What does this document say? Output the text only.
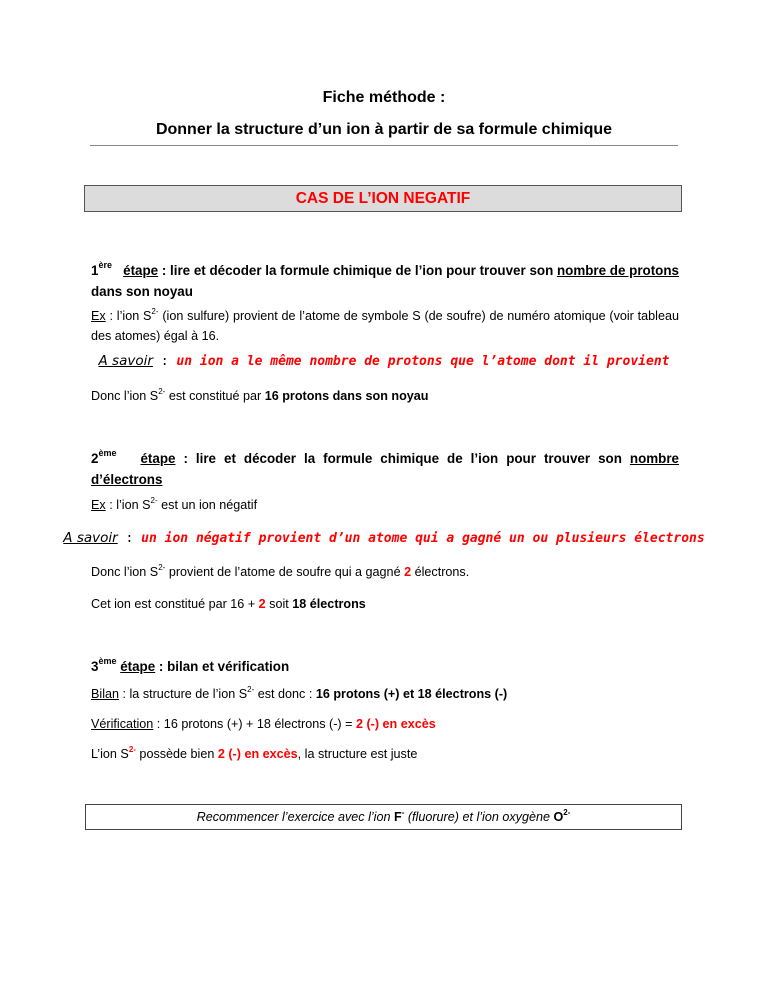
Fiche méthode :
Donner la structure d’un ion à partir de sa formule chimique
CAS DE L’ION NEGATIF
1ère étape : lire et décoder la formule chimique de l’ion pour trouver son nombre de protons dans son noyau
Ex : l’ion $S^{2-}$ (ion sulfure) provient de l’atome de symbole S (de soufre) de numéro atomique (voir tableau des atomes) égal à 16.
A savoir : un ion a le même nombre de protons que l’atome dont il provient
Donc l’ion $S^{2-}$ est constitué par 16 protons dans son noyau
2ème étape : lire et décoder la formule chimique de l’ion pour trouver son nombre d’électrons
Ex : l’ion $S^{2-}$ est un ion négatif
A savoir : un ion négatif provient d’un atome qui a gagné un ou plusieurs électrons
Donc l’ion $S^{2-}$ provient de l’atome de soufre qui a gagné 2 électrons.
Cet ion est constitué par 16 + 2 soit 18 électrons
3ème étape : bilan et vérification
Bilan : la structure de l’ion $S^{2-}$ est donc : 16 protons (+) et 18 électrons (-)
Vérification : 16 protons (+) + 18 électrons (-) = 2 (-) en excès
L’ion $S^{2-}$ possède bien 2 (-) en excès, la structure est juste
Recommencer l’exercice avec l’ion F- (fluorure) et l’ion oxygène $O^{2-}$
